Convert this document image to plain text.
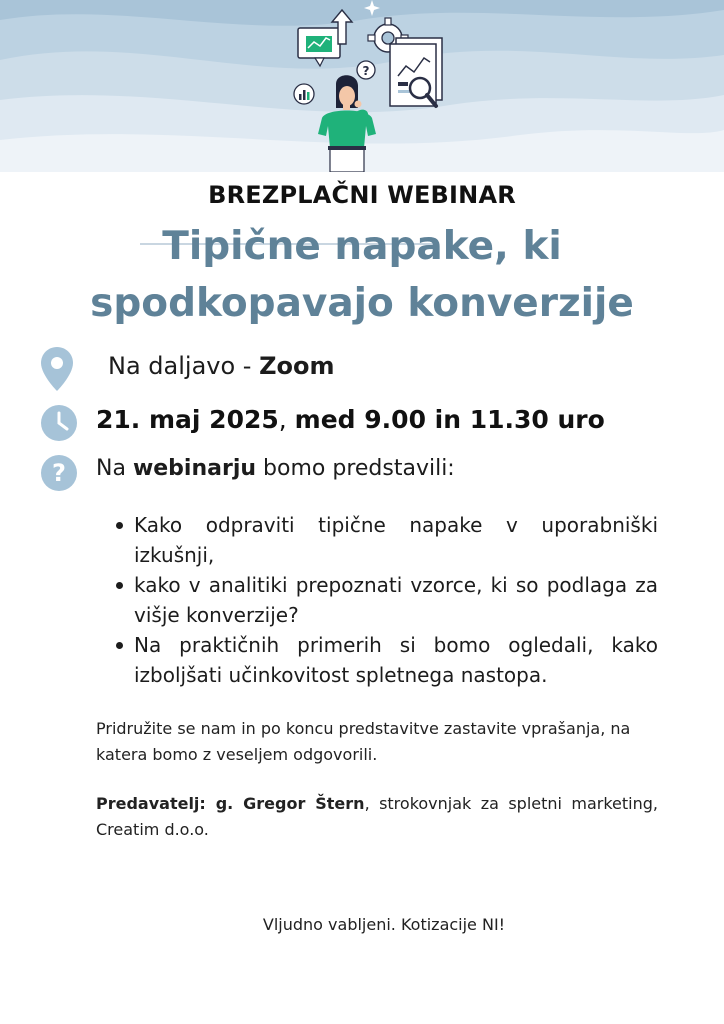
?
BREZPLAČNI WEBINAR
Tipične napake, ki
spodkopavajo konverzije
Na daljavo - Zoom
21. maj 2025, med 9.00 in 11.30 uro
? Na webinarju bomo predstavili:
Kako odpraviti tipične napake v uporabniški izkušnji,
kako v analitiki prepoznati vzorce, ki so podlaga za višje konverzije?
Na praktičnih primerih si bomo ogledali, kako izboljšati učinkovitost spletnega nastopa.

Pridružite se nam in po koncu predstavitve zastavite vprašanja, na katera bomo z veseljem odgovorili.

Predavatelj: g. Gregor Štern, strokovnjak za spletni marketing, Creatim d.o.o.

Vljudno vabljeni. Kotizacije NI!
